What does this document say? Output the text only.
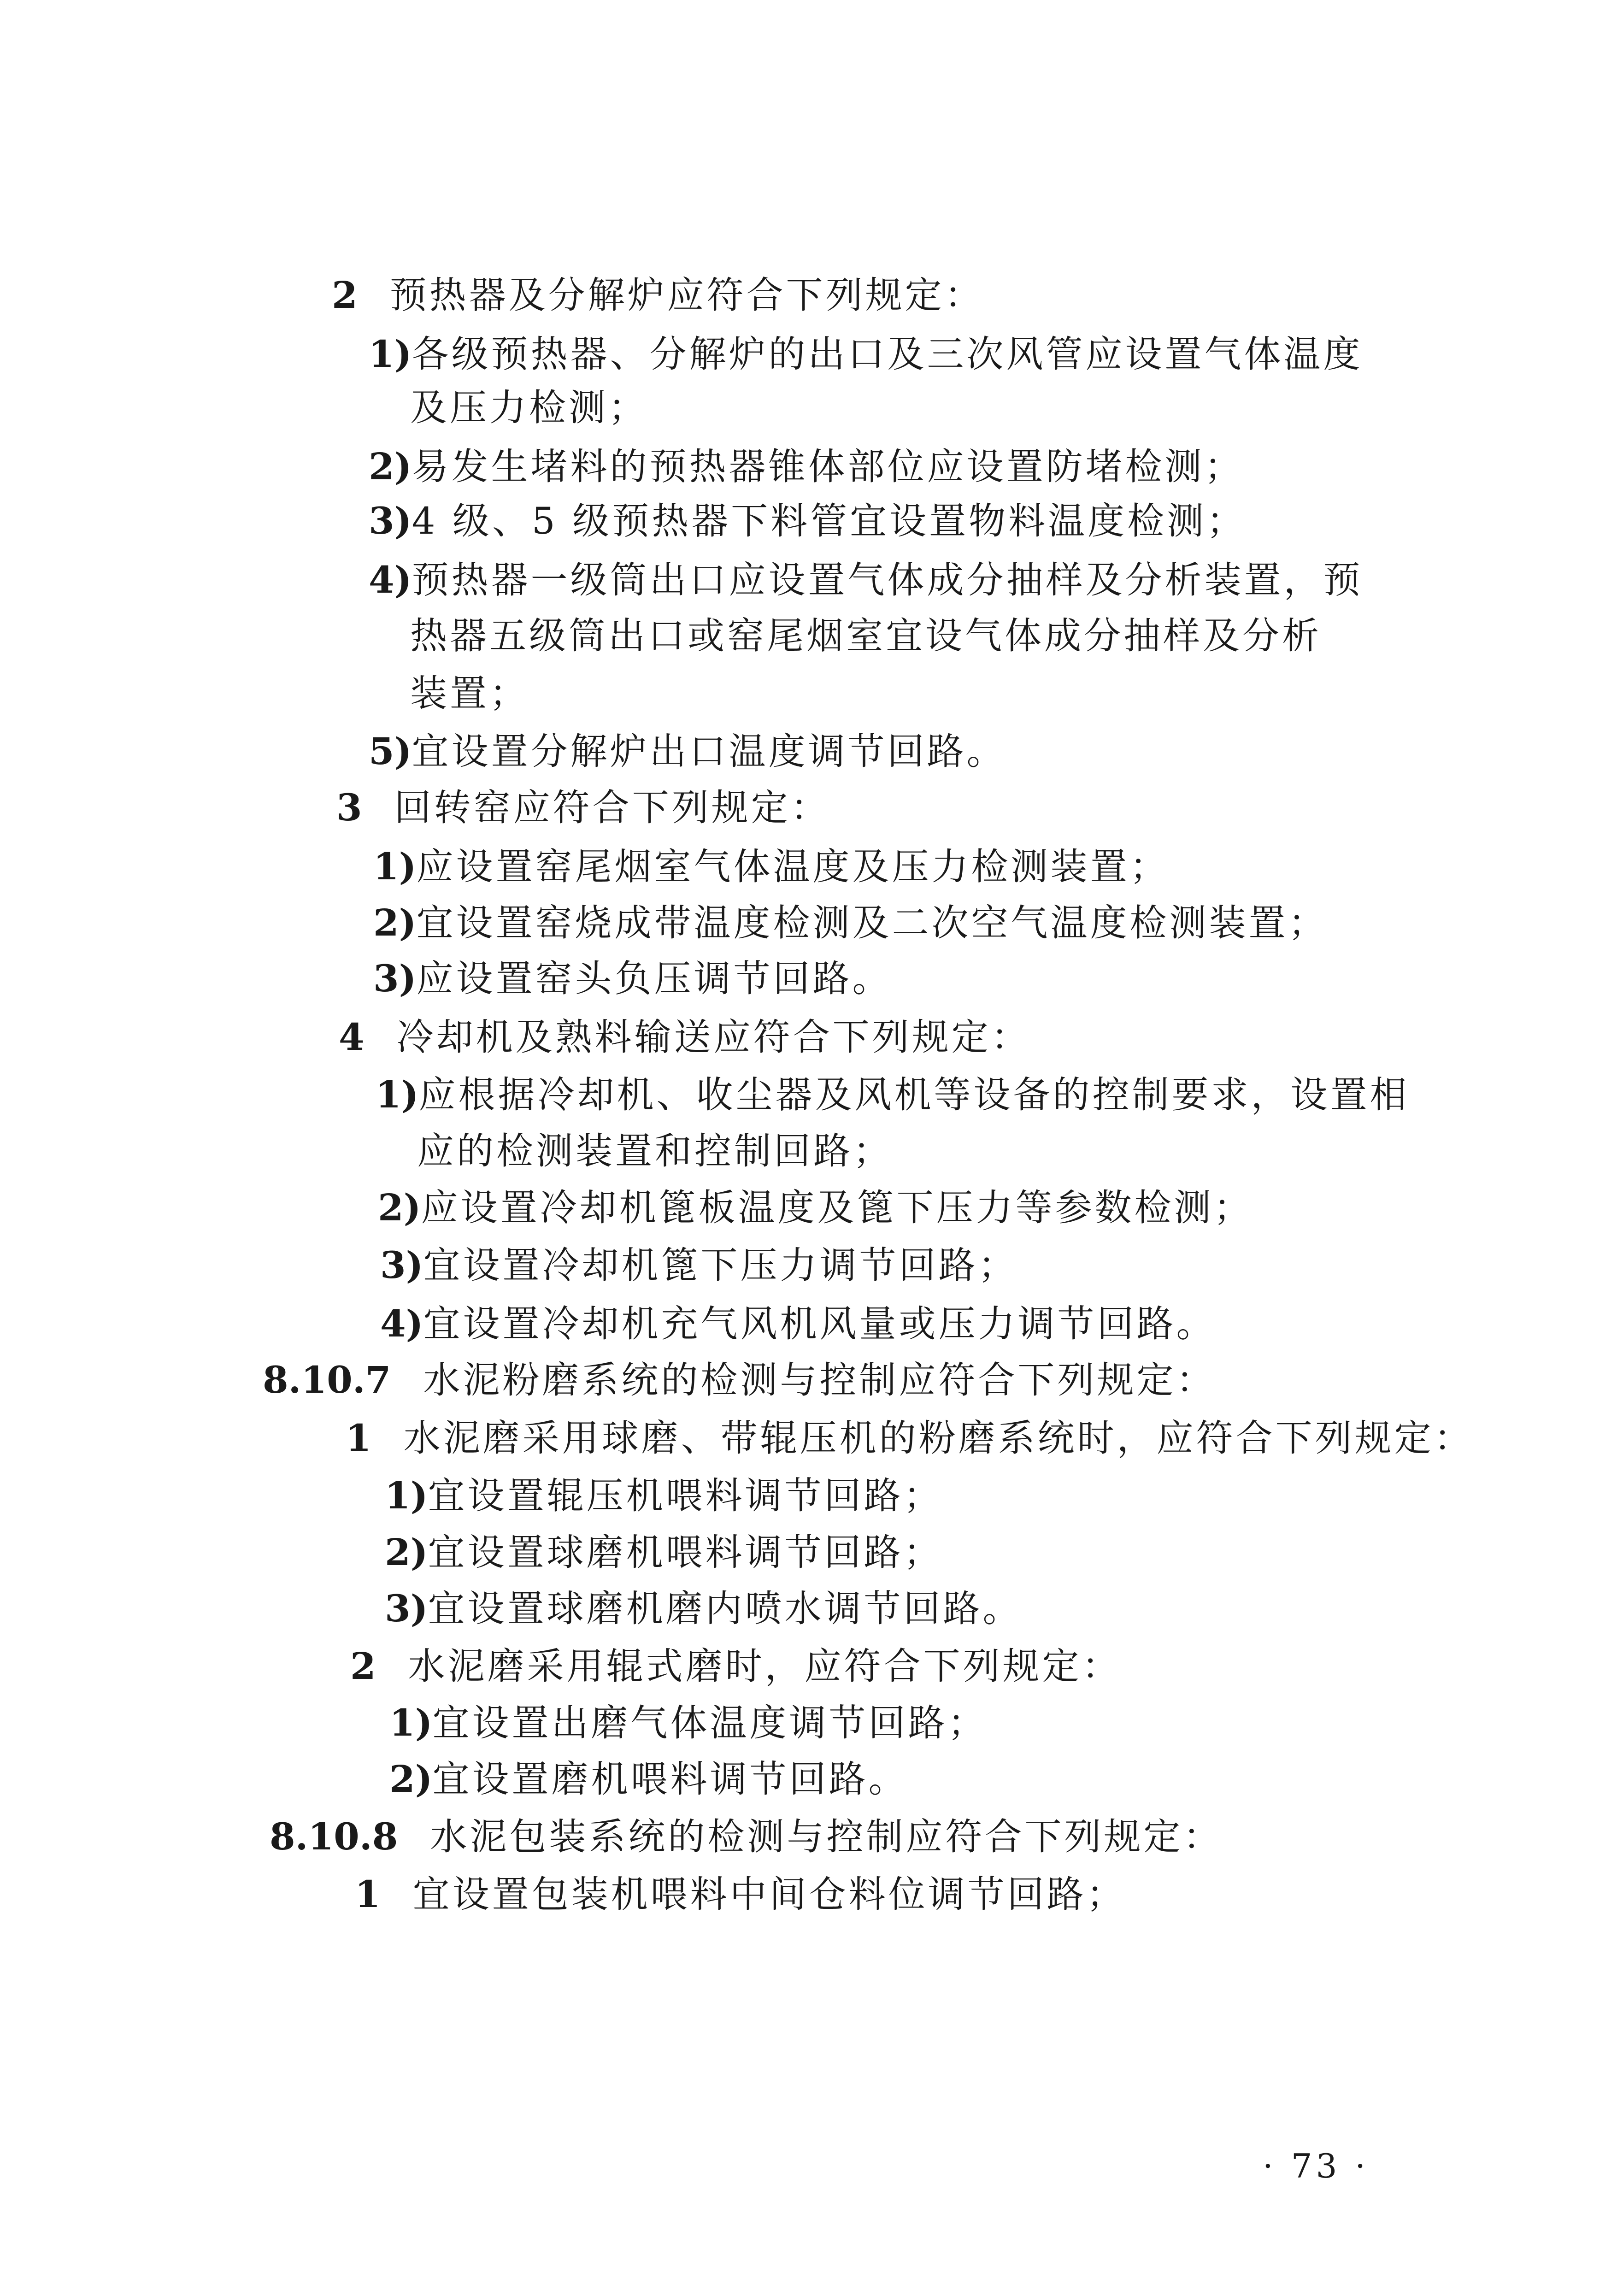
2 预热器及分解炉应符合下列规定：
1)各级预热器、分解炉的出口及三次风管应设置气体温度
及压力检测；
2)易发生堵料的预热器锥体部位应设置防堵检测；
3)4 级、5 级预热器下料管宜设置物料温度检测；
4)预热器一级筒出口应设置气体成分抽样及分析装置，预
热器五级筒出口或窑尾烟室宜设气体成分抽样及分析
装置；
5)宜设置分解炉出口温度调节回路。
3 回转窑应符合下列规定：
1)应设置窑尾烟室气体温度及压力检测装置；
2)宜设置窑烧成带温度检测及二次空气温度检测装置；
3)应设置窑头负压调节回路。
4 冷却机及熟料输送应符合下列规定：
1)应根据冷却机、收尘器及风机等设备的控制要求，设置相
应的检测装置和控制回路；
2)应设置冷却机篦板温度及篦下压力等参数检测；
3)宜设置冷却机篦下压力调节回路；
4)宜设置冷却机充气风机风量或压力调节回路。
8.10.7 水泥粉磨系统的检测与控制应符合下列规定：
1 水泥磨采用球磨、带辊压机的粉磨系统时，应符合下列规定：
1)宜设置辊压机喂料调节回路；
2)宜设置球磨机喂料调节回路；
3)宜设置球磨机磨内喷水调节回路。
2 水泥磨采用辊式磨时，应符合下列规定：
1)宜设置出磨气体温度调节回路；
2)宜设置磨机喂料调节回路。
8.10.8 水泥包装系统的检测与控制应符合下列规定：
1 宜设置包装机喂料中间仓料位调节回路；
· 73 ·
